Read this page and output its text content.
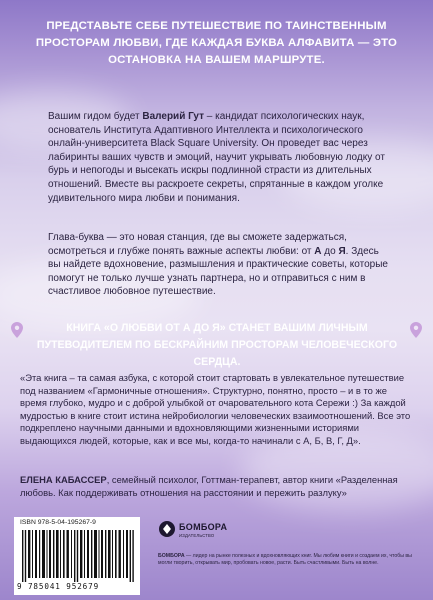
ПРЕДСТАВЬТЕ СЕБЕ ПУТЕШЕСТВИЕ ПО ТАИНСТВЕННЫМ ПРОСТОРАМ ЛЮБВИ, ГДЕ КАЖДАЯ БУКВА АЛФАВИТА — ЭТО ОСТАНОВКА НА ВАШЕМ МАРШРУТЕ.
Вашим гидом будет Валерий Гут – кандидат психологических наук, основатель Института Адаптивного Интеллекта и психологического онлайн-университета Black Square University. Он проведет вас через лабиринты ваших чувств и эмоций, научит укрывать любовную лодку от бурь и непогоды и высекать искры подлинной страсти из длительных отношений. Вместе вы раскроете секреты, спрятанные в каждом уголке удивительного мира любви и понимания.
Глава-буква — это новая станция, где вы сможете задержаться, осмотреться и глубже понять важные аспекты любви: от А до Я. Здесь вы найдете вдохновение, размышления и практические советы, которые помогут не только лучше узнать партнера, но и отправиться с ним в счастливое любовное путешествие.
КНИГА «О ЛЮБВИ ОТ А ДО Я» СТАНЕТ ВАШИМ ЛИЧНЫМ ПУТЕВОДИТЕЛЕМ ПО БЕСКРАЙНИМ ПРОСТОРАМ ЧЕЛОВЕЧЕСКОГО СЕРДЦА.
«Эта книга – та самая азбука, с которой стоит стартовать в увлекательное путешествие под названием «Гармоничные отношения». Структурно, понятно, просто – и в то же время глубоко, мудро и с доброй улыбкой от очаровательного кота Сережи :) За каждой мудростью в книге стоит истина нейробиологии человеческих взаимоотношений. Все это подкреплено научными данными и вдохновляющими жизненными историями выдающихся людей, которые, как и все мы, когда-то начинали с А, Б, В, Г, Д».
ЕЛЕНА КАБАССЕР, семейный психолог, Готтман-терапевт, автор книги «Разделенная любовь. Как поддерживать отношения на расстоянии и пережить разлуку»
ISBN 978-5-04-195267-9
9 785041 952679
БОМБОРА
ИЗДАТЕЛЬСТВО
БОМБОРА — лидер на рынке полезных и вдохновляющих книг. Мы любим книги и создаем их, чтобы вы могли творить, открывать мир, пробовать новое, расти. Быть счастливыми. Быть на волне.
